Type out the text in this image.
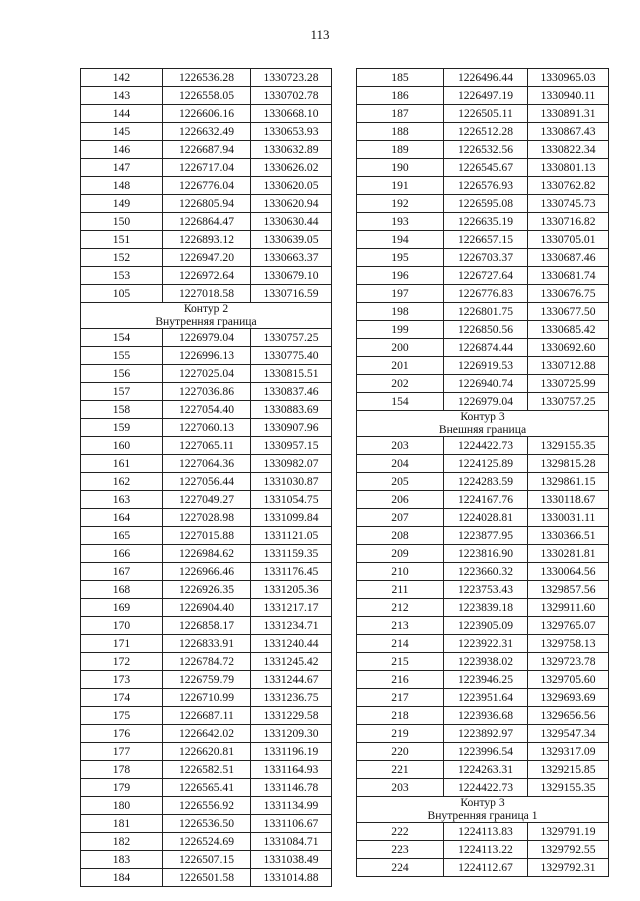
113
142	1226536.28	1330723.28
143	1226558.05	1330702.78
144	1226606.16	1330668.10
145	1226632.49	1330653.93
146	1226687.94	1330632.89
147	1226717.04	1330626.02
148	1226776.04	1330620.05
149	1226805.94	1330620.94
150	1226864.47	1330630.44
151	1226893.12	1330639.05
152	1226947.20	1330663.37
153	1226972.64	1330679.10
105	1227018.58	1330716.59
Контур 2		
Внутренняя граница		
154	1226979.04	1330757.25
155	1226996.13	1330775.40
156	1227025.04	1330815.51
157	1227036.86	1330837.46
158	1227054.40	1330883.69
159	1227060.13	1330907.96
160	1227065.11	1330957.15
161	1227064.36	1330982.07
162	1227056.44	1331030.87
163	1227049.27	1331054.75
164	1227028.98	1331099.84
165	1227015.88	1331121.05
166	1226984.62	1331159.35
167	1226966.46	1331176.45
168	1226926.35	1331205.36
169	1226904.40	1331217.17
170	1226858.17	1331234.71
171	1226833.91	1331240.44
172	1226784.72	1331245.42
173	1226759.79	1331244.67
174	1226710.99	1331236.75
175	1226687.11	1331229.58
176	1226642.02	1331209.30
177	1226620.81	1331196.19
178	1226582.51	1331164.93
179	1226565.41	1331146.78
180	1226556.92	1331134.99
181	1226536.50	1331106.67
182	1226524.69	1331084.71
183	1226507.15	1331038.49
184	1226501.58	1331014.88
185	1226496.44	1330965.03
186	1226497.19	1330940.11
187	1226505.11	1330891.31
188	1226512.28	1330867.43
189	1226532.56	1330822.34
190	1226545.67	1330801.13
191	1226576.93	1330762.82
192	1226595.08	1330745.73
193	1226635.19	1330716.82
194	1226657.15	1330705.01
195	1226703.37	1330687.46
196	1226727.64	1330681.74
197	1226776.83	1330676.75
198	1226801.75	1330677.50
199	1226850.56	1330685.42
200	1226874.44	1330692.60
201	1226919.53	1330712.88
202	1226940.74	1330725.99
154	1226979.04	1330757.25
Контур 3		
Внешняя граница		
203	1224422.73	1329155.35
204	1224125.89	1329815.28
205	1224283.59	1329861.15
206	1224167.76	1330118.67
207	1224028.81	1330031.11
208	1223877.95	1330366.51
209	1223816.90	1330281.81
210	1223660.32	1330064.56
211	1223753.43	1329857.56
212	1223839.18	1329911.60
213	1223905.09	1329765.07
214	1223922.31	1329758.13
215	1223938.02	1329723.78
216	1223946.25	1329705.60
217	1223951.64	1329693.69
218	1223936.68	1329656.56
219	1223892.97	1329547.34
220	1223996.54	1329317.09
221	1224263.31	1329215.85
203	1224422.73	1329155.35
Контур 3		
Внутренняя граница 1		
222	1224113.83	1329791.19
223	1224113.22	1329792.55
224	1224112.67	1329792.31
